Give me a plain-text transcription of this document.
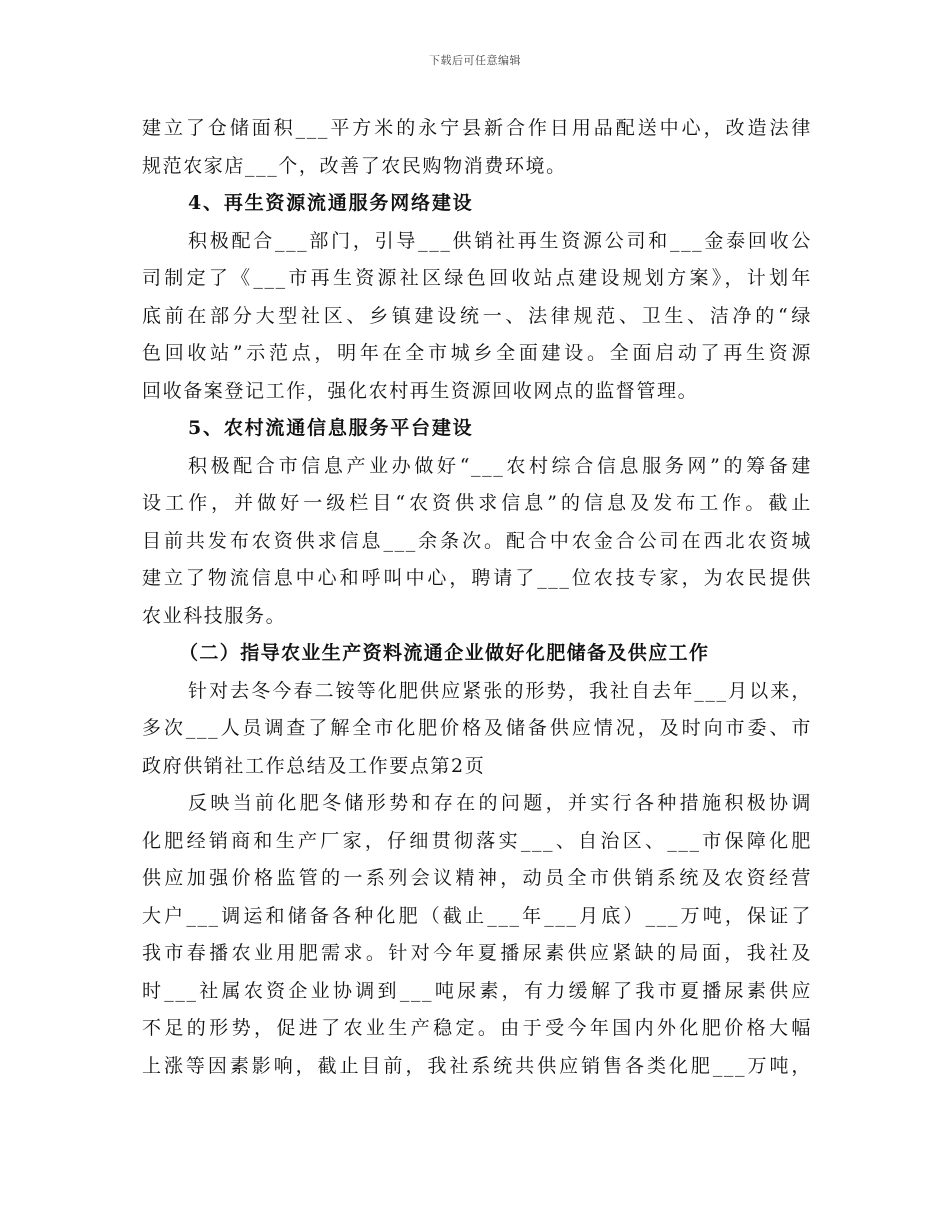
下载后可任意编辑
建立了仓储面积___平方米的永宁县新合作日用品配送中心，改造法律
规范农家店___个，改善了农民购物消费环境。
4、再生资源流通服务网络建设
积极配合___部门，引导___供销社再生资源公司和___金泰回收公
司制定了《___市再生资源社区绿色回收站点建设规划方案》，计划年
底前在部分大型社区、乡镇建设统一、法律规范、卫生、洁净的“绿
色回收站”示范点，明年在全市城乡全面建设。全面启动了再生资源
回收备案登记工作，强化农村再生资源回收网点的监督管理。
5、农村流通信息服务平台建设
积极配合市信息产业办做好“___农村综合信息服务网”的筹备建
设工作，并做好一级栏目“农资供求信息”的信息及发布工作。截止
目前共发布农资供求信息___余条次。配合中农金合公司在西北农资城
建立了物流信息中心和呼叫中心，聘请了___位农技专家，为农民提供
农业科技服务。
（二）指导农业生产资料流通企业做好化肥储备及供应工作
针对去冬今春二铵等化肥供应紧张的形势，我社自去年___月以来，
多次___人员调查了解全市化肥价格及储备供应情况，及时向市委、市
政府供销社工作总结及工作要点第2页
反映当前化肥冬储形势和存在的问题，并实行各种措施积极协调
化肥经销商和生产厂家，仔细贯彻落实___、自治区、___市保障化肥
供应加强价格监管的一系列会议精神，动员全市供销系统及农资经营
大户___调运和储备各种化肥（截止___年___月底）___万吨，保证了
我市春播农业用肥需求。针对今年夏播尿素供应紧缺的局面，我社及
时___社属农资企业协调到___吨尿素，有力缓解了我市夏播尿素供应
不足的形势，促进了农业生产稳定。由于受今年国内外化肥价格大幅
上涨等因素影响，截止目前，我社系统共供应销售各类化肥___万吨，
